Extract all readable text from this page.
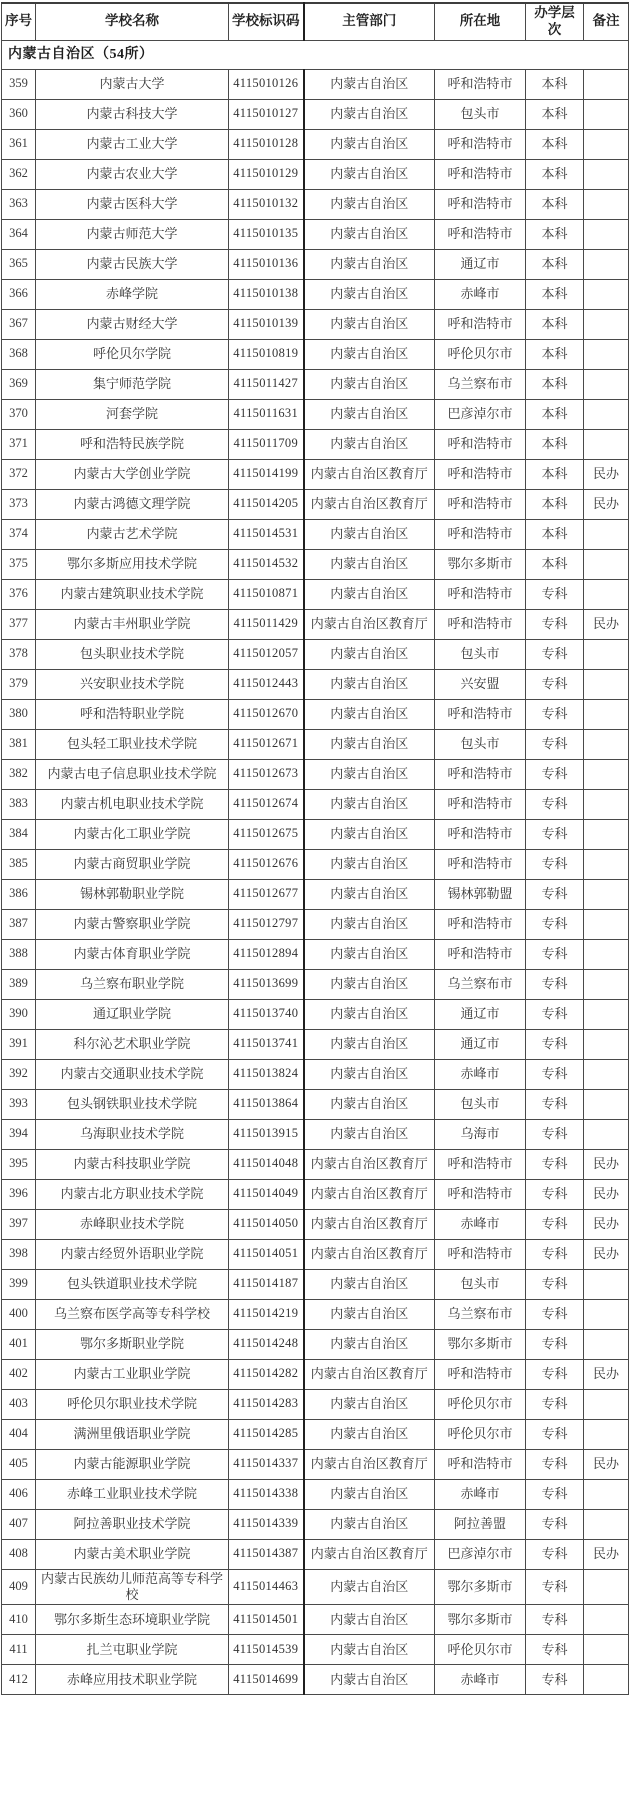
序号	学校名称	学校标识码	主管部门	所在地	办学层次	备注
内蒙古自治区（54所）						
359	内蒙古大学	4115010126	内蒙古自治区	呼和浩特市	本科	
360	内蒙古科技大学	4115010127	内蒙古自治区	包头市	本科	
361	内蒙古工业大学	4115010128	内蒙古自治区	呼和浩特市	本科	
362	内蒙古农业大学	4115010129	内蒙古自治区	呼和浩特市	本科	
363	内蒙古医科大学	4115010132	内蒙古自治区	呼和浩特市	本科	
364	内蒙古师范大学	4115010135	内蒙古自治区	呼和浩特市	本科	
365	内蒙古民族大学	4115010136	内蒙古自治区	通辽市	本科	
366	赤峰学院	4115010138	内蒙古自治区	赤峰市	本科	
367	内蒙古财经大学	4115010139	内蒙古自治区	呼和浩特市	本科	
368	呼伦贝尔学院	4115010819	内蒙古自治区	呼伦贝尔市	本科	
369	集宁师范学院	4115011427	内蒙古自治区	乌兰察布市	本科	
370	河套学院	4115011631	内蒙古自治区	巴彦淖尔市	本科	
371	呼和浩特民族学院	4115011709	内蒙古自治区	呼和浩特市	本科	
372	内蒙古大学创业学院	4115014199	内蒙古自治区教育厅	呼和浩特市	本科	民办
373	内蒙古鸿德文理学院	4115014205	内蒙古自治区教育厅	呼和浩特市	本科	民办
374	内蒙古艺术学院	4115014531	内蒙古自治区	呼和浩特市	本科	
375	鄂尔多斯应用技术学院	4115014532	内蒙古自治区	鄂尔多斯市	本科	
376	内蒙古建筑职业技术学院	4115010871	内蒙古自治区	呼和浩特市	专科	
377	内蒙古丰州职业学院	4115011429	内蒙古自治区教育厅	呼和浩特市	专科	民办
378	包头职业技术学院	4115012057	内蒙古自治区	包头市	专科	
379	兴安职业技术学院	4115012443	内蒙古自治区	兴安盟	专科	
380	呼和浩特职业学院	4115012670	内蒙古自治区	呼和浩特市	专科	
381	包头轻工职业技术学院	4115012671	内蒙古自治区	包头市	专科	
382	内蒙古电子信息职业技术学院	4115012673	内蒙古自治区	呼和浩特市	专科	
383	内蒙古机电职业技术学院	4115012674	内蒙古自治区	呼和浩特市	专科	
384	内蒙古化工职业学院	4115012675	内蒙古自治区	呼和浩特市	专科	
385	内蒙古商贸职业学院	4115012676	内蒙古自治区	呼和浩特市	专科	
386	锡林郭勒职业学院	4115012677	内蒙古自治区	锡林郭勒盟	专科	
387	内蒙古警察职业学院	4115012797	内蒙古自治区	呼和浩特市	专科	
388	内蒙古体育职业学院	4115012894	内蒙古自治区	呼和浩特市	专科	
389	乌兰察布职业学院	4115013699	内蒙古自治区	乌兰察布市	专科	
390	通辽职业学院	4115013740	内蒙古自治区	通辽市	专科	
391	科尔沁艺术职业学院	4115013741	内蒙古自治区	通辽市	专科	
392	内蒙古交通职业技术学院	4115013824	内蒙古自治区	赤峰市	专科	
393	包头钢铁职业技术学院	4115013864	内蒙古自治区	包头市	专科	
394	乌海职业技术学院	4115013915	内蒙古自治区	乌海市	专科	
395	内蒙古科技职业学院	4115014048	内蒙古自治区教育厅	呼和浩特市	专科	民办
396	内蒙古北方职业技术学院	4115014049	内蒙古自治区教育厅	呼和浩特市	专科	民办
397	赤峰职业技术学院	4115014050	内蒙古自治区教育厅	赤峰市	专科	民办
398	内蒙古经贸外语职业学院	4115014051	内蒙古自治区教育厅	呼和浩特市	专科	民办
399	包头铁道职业技术学院	4115014187	内蒙古自治区	包头市	专科	
400	乌兰察布医学高等专科学校	4115014219	内蒙古自治区	乌兰察布市	专科	
401	鄂尔多斯职业学院	4115014248	内蒙古自治区	鄂尔多斯市	专科	
402	内蒙古工业职业学院	4115014282	内蒙古自治区教育厅	呼和浩特市	专科	民办
403	呼伦贝尔职业技术学院	4115014283	内蒙古自治区	呼伦贝尔市	专科	
404	满洲里俄语职业学院	4115014285	内蒙古自治区	呼伦贝尔市	专科	
405	内蒙古能源职业学院	4115014337	内蒙古自治区教育厅	呼和浩特市	专科	民办
406	赤峰工业职业技术学院	4115014338	内蒙古自治区	赤峰市	专科	
407	阿拉善职业技术学院	4115014339	内蒙古自治区	阿拉善盟	专科	
408	内蒙古美术职业学院	4115014387	内蒙古自治区教育厅	巴彦淖尔市	专科	民办
409	内蒙古民族幼儿师范高等专科学校	4115014463	内蒙古自治区	鄂尔多斯市	专科	
410	鄂尔多斯生态环境职业学院	4115014501	内蒙古自治区	鄂尔多斯市	专科	
411	扎兰屯职业学院	4115014539	内蒙古自治区	呼伦贝尔市	专科	
412	赤峰应用技术职业学院	4115014699	内蒙古自治区	赤峰市	专科	
